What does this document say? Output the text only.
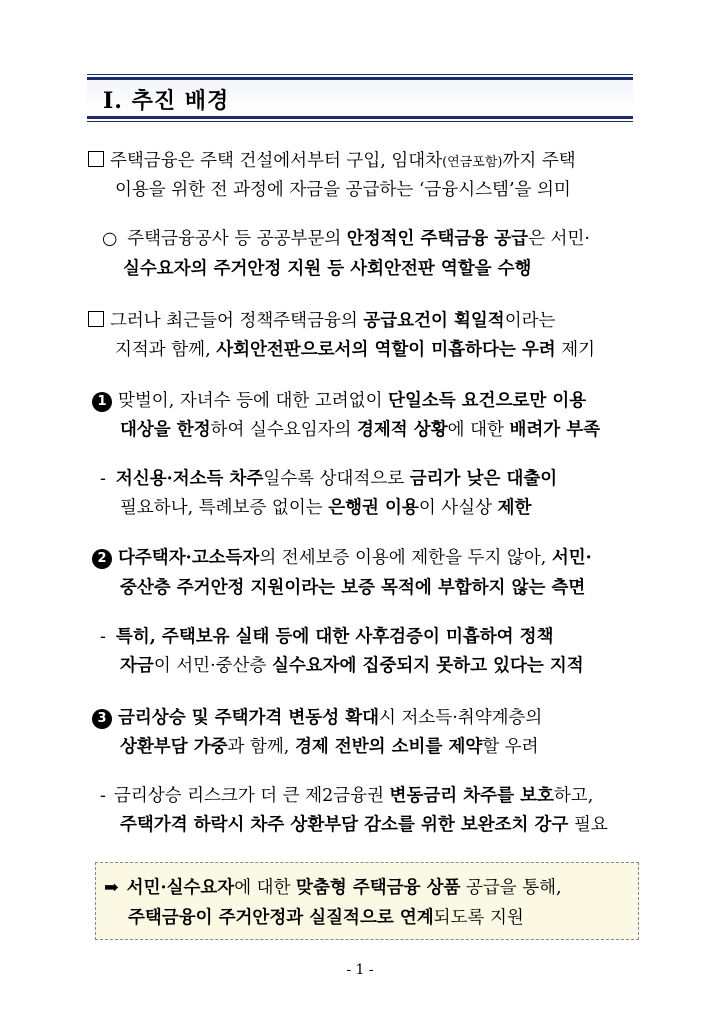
Ⅰ. 추진 배경
주택금융은 주택 건설에서부터 구입, 임대차(연금포함)까지 주택
이용을 위한 전 과정에 자금을 공급하는 ‘금융시스템’을 의미
○ 주택금융공사 등 공공부문의 안정적인 주택금융 공급은 서민·
실수요자의 주거안정 지원 등 사회안전판 역할을 수행
그러나 최근들어 정책주택금융의 공급요건이 획일적이라는
지적과 함께, 사회안전판으로서의 역할이 미흡하다는 우려 제기
1 맞벌이, 자녀수 등에 대한 고려없이 단일소득 요건으로만 이용
대상을 한정하여 실수요임자의 경제적 상황에 대한 배려가 부족
- 저신용·저소득 차주일수록 상대적으로 금리가 낮은 대출이
필요하나, 특례보증 없이는 은행권 이용이 사실상 제한
2 다주택자·고소득자의 전세보증 이용에 제한을 두지 않아, 서민·
중산층 주거안정 지원이라는 보증 목적에 부합하지 않는 측면
- 특히, 주택보유 실태 등에 대한 사후검증이 미흡하여 정책
자금이 서민·중산층 실수요자에 집중되지 못하고 있다는 지적
3 금리상승 및 주택가격 변동성 확대시 저소득·취약계층의
상환부담 가중과 함께, 경제 전반의 소비를 제약할 우려
- 금리상승 리스크가 더 큰 제2금융권 변동금리 차주를 보호하고,
주택가격 하락시 차주 상환부담 감소를 위한 보완조치 강구 필요
➡ 서민·실수요자에 대한 맞춤형 주택금융 상품 공급을 통해,
주택금융이 주거안정과 실질적으로 연계되도록 지원
- 1 -
